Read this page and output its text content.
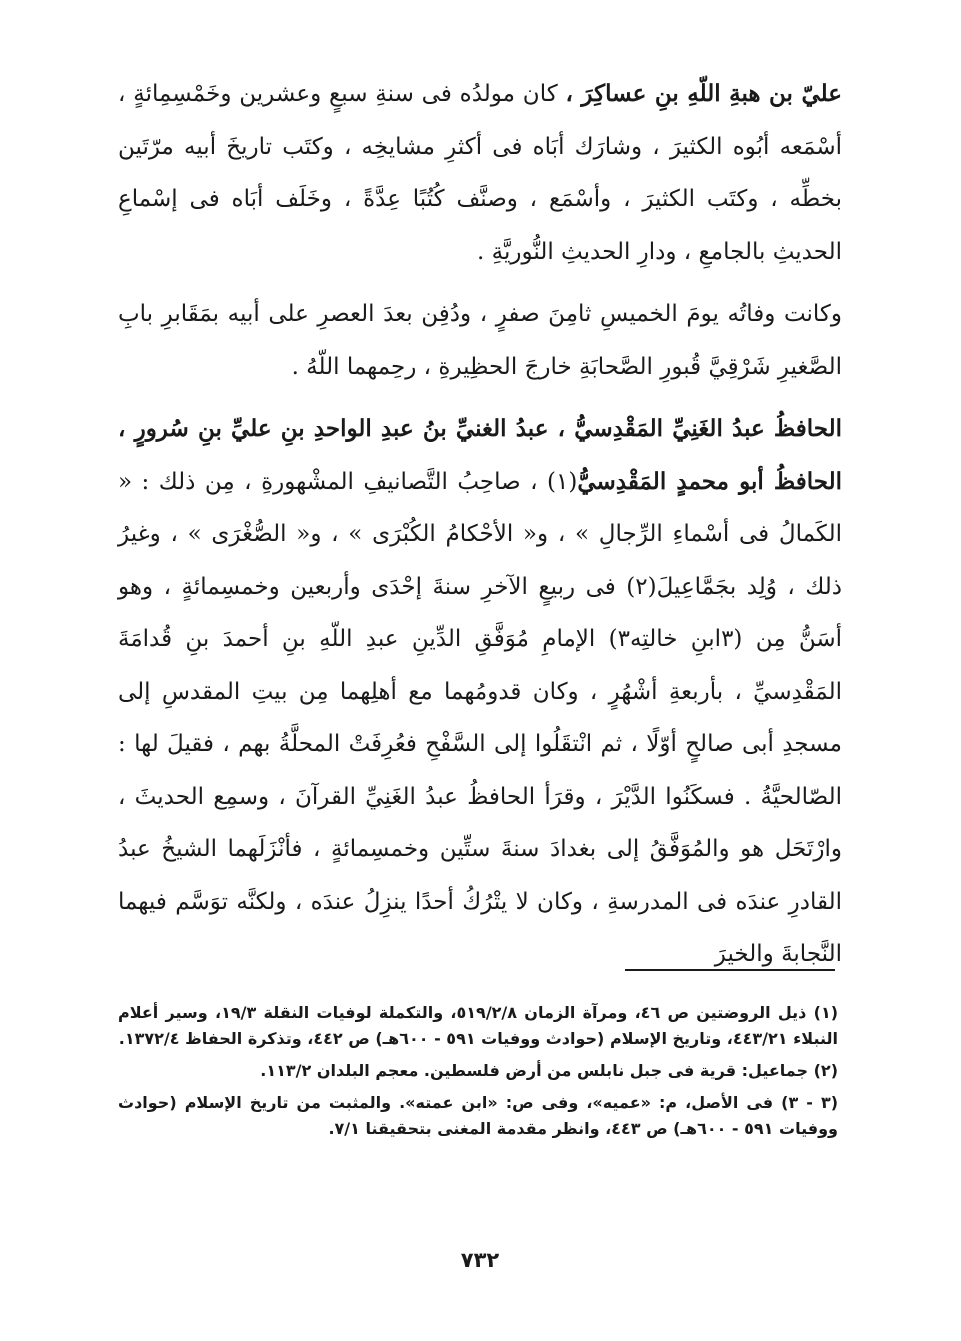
عليّ بن هبةِ اللّهِ بنِ عساكِرَ ، كان مولدُه فى سنةِ سبعٍ وعشرين وخَمْسِمِائةٍ ، أسْمَعه أبُوه الكثيرَ ، وشارَك أبَاه فى أكثرِ مشايخِه ، وكتَب تاريخَ أبيه مرّتَين بخطِّه ، وكتَب الكثيرَ ، وأسْمَع ، وصنَّف كُتُبًا عِدَّةً ، وخَلَف أبَاه فى إسْماعِ الحديثِ بالجامعِ ، ودارِ الحديثِ النُّوريَّةِ .

وكانت وفاتُه يومَ الخميسِ ثامِنَ صفرٍ ، ودُفِن بعدَ العصرِ على أبيه بمَقَابرِ بابِ الصَّغيرِ شَرْقِيَّ قُبورِ الصَّحابَةِ خارجَ الحظِيرةِ ، رحِمهما اللّهُ .

الحافظُ عبدُ الغَنِيِّ المَقْدِسيُّ ، عبدُ الغنيِّ بنُ عبدِ الواحدِ بنِ عليِّ بنِ سُرورٍ ، الحافظُ أبو محمدٍ المَقْدِسيُّ(١) ، صاحِبُ التَّصانيفِ المشْهورةِ ، مِن ذلك : « الكَمالُ فى أسْماءِ الرِّجالِ » ، و« الأحْكامُ الكُبْرَى » ، و« الصُّغْرَى » ، وغيرُ ذلك ، وُلِد بجَمَّاعِيلَ(٢) فى ربيعٍ الآخرِ سنةَ إحْدَى وأربعين وخمسِمائةٍ ، وهو أسَنُّ مِن (٣ابنِ خالتِه٣) الإمامِ مُوَفَّقِ الدِّينِ عبدِ اللّهِ بنِ أحمدَ بنِ قُدامَةَ المَقْدِسيِّ ، بأربعةِ أشْهُرٍ ، وكان قدومُهما مع أهلِهما مِن بيتِ المقدسِ إلى مسجدِ أبى صالحٍ أوّلًا ، ثم انْتقَلُوا إلى السَّفْحِ فعُرِفَتْ المحلَّةُ بهم ، فقيلَ لها : الصّالحيَّةُ . فسكَنُوا الدَّيْرَ ، وقرَأ الحافظُ عبدُ الغَنِيِّ القرآنَ ، وسمِع الحديثَ ، وارْتَحَل هو والمُوَفَّقُ إلى بغدادَ سنةَ ستِّين وخمسِمائةٍ ، فأنْزَلَهما الشيخُ عبدُ القادرِ عندَه فى المدرسةِ ، وكان لا يتْرُكُ أحدًا ينزِلُ عندَه ، ولكنَّه توَسَّم فيهما النَّجابةَ والخيرَ

(١) ذيل الروضتين ص ٤٦، ومرآة الزمان ٥١٩/٢/٨، والتكملة لوفيات النقلة ١٩/٣، وسير أعلام النبلاء ٤٤٣/٢١، وتاريخ الإسلام (حوادث ووفيات ٥٩١ - ٦٠٠هـ) ص ٤٤٢، وتذكرة الحفاظ ١٣٧٢/٤.

(٢) جماعيل: قرية فى جبل نابلس من أرض فلسطين. معجم البلدان ١١٣/٢.

(٣ - ٣) فى الأصل، م: «عميه»، وفى ص: «ابن عمته». والمثبت من تاريخ الإسلام (حوادث ووفيات ٥٩١ - ٦٠٠هـ) ص ٤٤٣، وانظر مقدمة المغنى بتحقيقنا ٧/١.

٧٣٢
